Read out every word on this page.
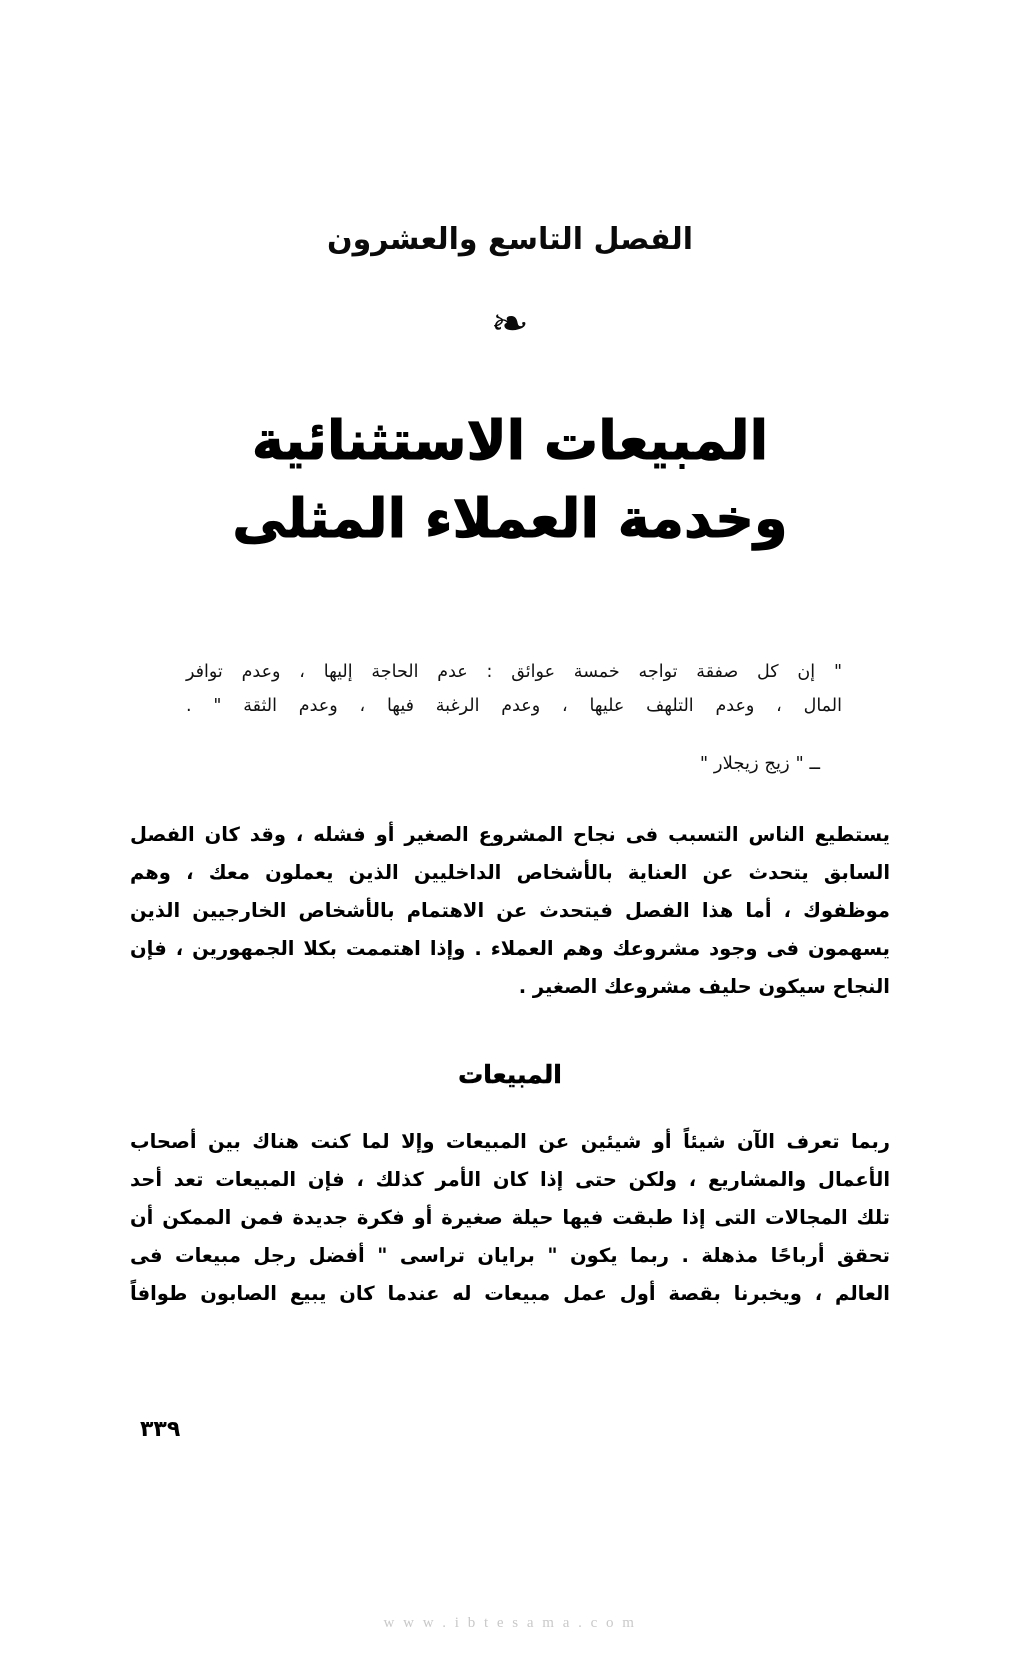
الفصل التاسع والعشرون
❧
المبيعات الاستثنائية
وخدمة العملاء المثلى
" إن كل صفقة تواجه خمسة عوائق : عدم الحاجة إليها ، وعدم توافر
المال ، وعدم التلهف عليها ، وعدم الرغبة فيها ، وعدم الثقة " .
ــ " زيج زيجلار "
يستطيع الناس التسبب فى نجاح المشروع الصغير أو فشله ، وقد كان الفصل
السابق يتحدث عن العناية بالأشخاص الداخليين الذين يعملون معك ، وهم
موظفوك ، أما هذا الفصل فيتحدث عن الاهتمام بالأشخاص الخارجيين الذين
يسهمون فى وجود مشروعك وهم العملاء . وإذا اهتممت بكلا الجمهورين ، فإن
النجاح سيكون حليف مشروعك الصغير .
المبيعات
ربما تعرف الآن شيئاً أو شيئين عن المبيعات وإلا لما كنت هناك بين أصحاب
الأعمال والمشاريع ، ولكن حتى إذا كان الأمر كذلك ، فإن المبيعات تعد أحد
تلك المجالات التى إذا طبقت فيها حيلة صغيرة أو فكرة جديدة فمن الممكن أن
تحقق أرباحًا مذهلة . ربما يكون " برايان تراسى " أفضل رجل مبيعات فى
العالم ، ويخبرنا بقصة أول عمل مبيعات له عندما كان يبيع الصابون طوافاً
٣٣٩
w w w . i b t e s a m a . c o m
